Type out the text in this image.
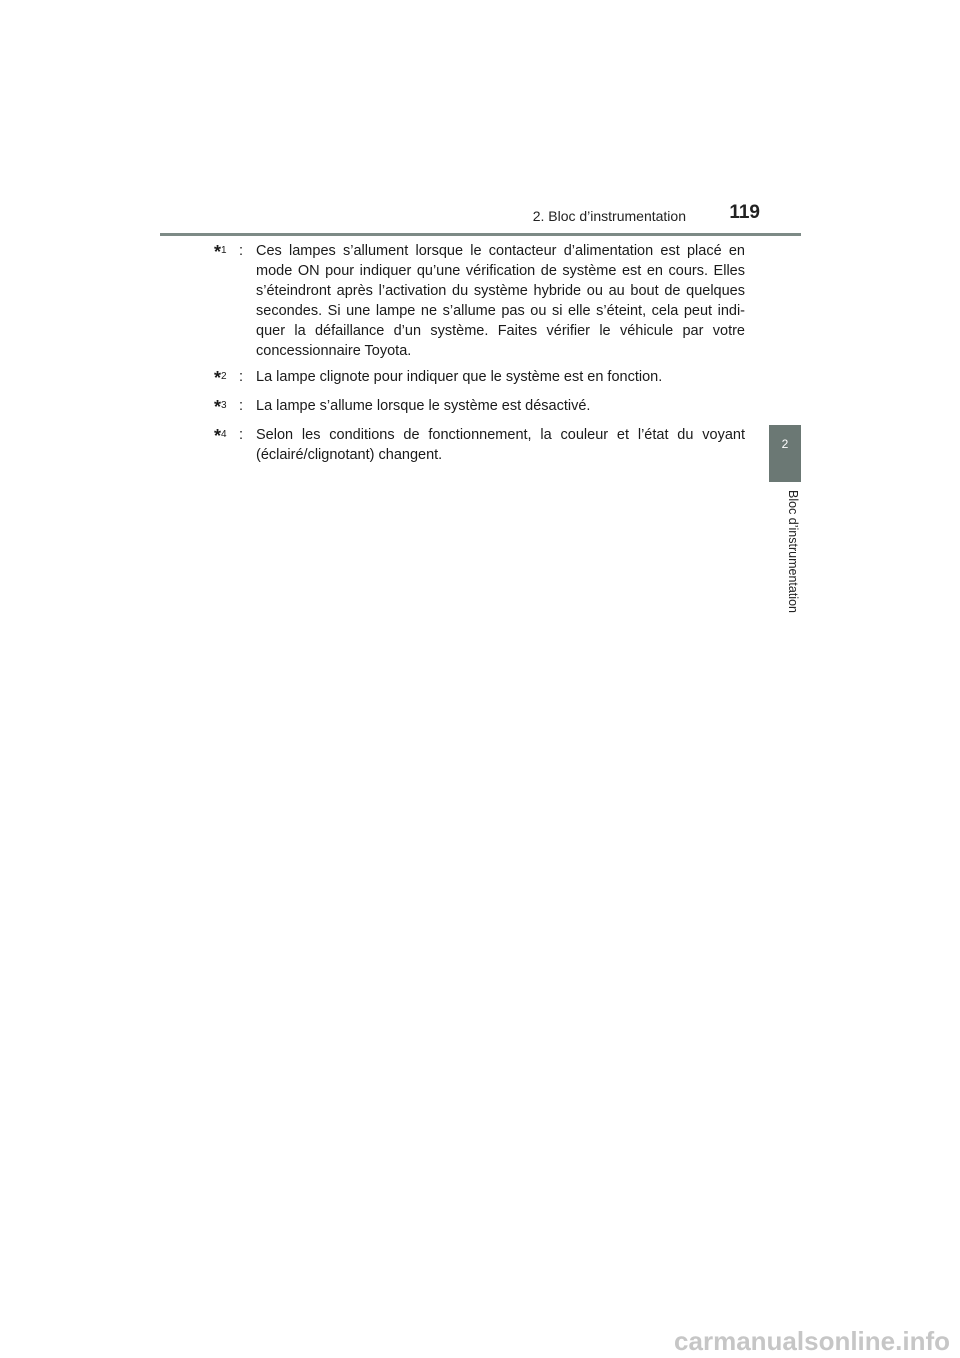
2. Bloc d’instrumentation	119
2
Bloc d’instrumentation
*$^1$ : Ces lampes s’allument lorsque le contacteur d’alimentation est placé en mode ON pour indiquer qu’une vérification de système est en cours. Elles s’éteindront après l’activation du système hybride ou au bout de quelques secondes. Si une lampe ne s’allume pas ou si elle s’éteint, cela peut indi-quer la défaillance d’un système. Faites vérifier le véhicule par votre concessionnaire Toyota.
*$^2$ : La lampe clignote pour indiquer que le système est en fonction.
*$^3$ : La lampe s’allume lorsque le système est désactivé.
*$^4$ : Selon les conditions de fonctionnement, la couleur et l’état du voyant (éclairé/clignotant) changent.
carmanualsonline.info
